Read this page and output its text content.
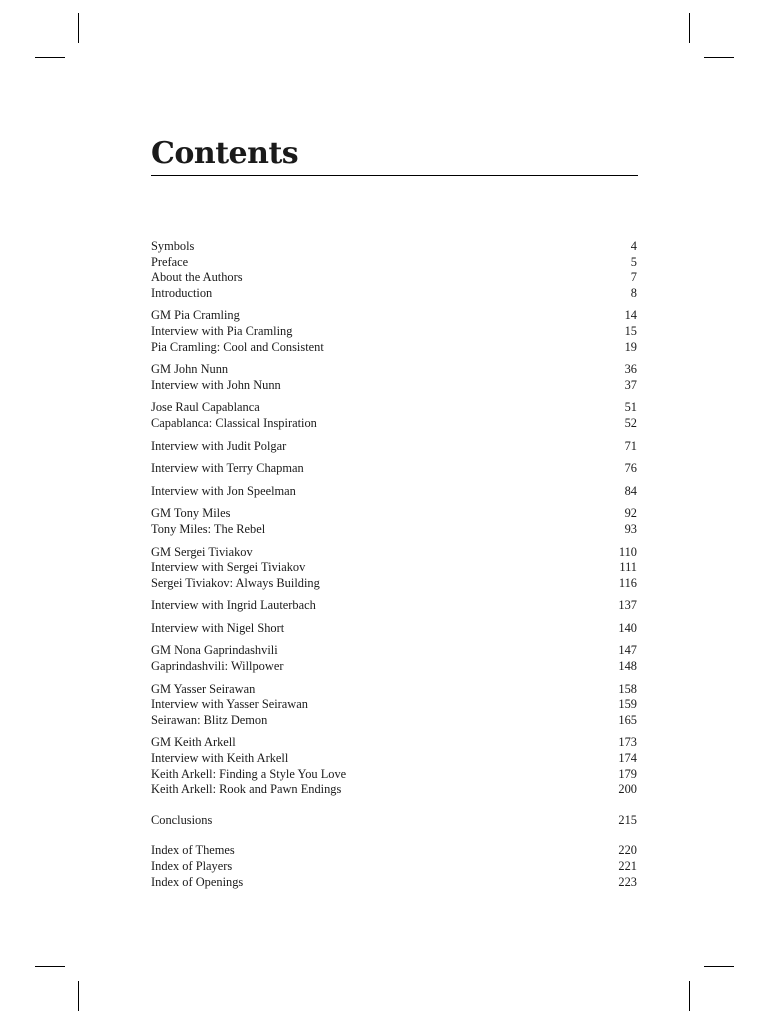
Contents
Symbols	4
Preface	5
About the Authors	7
Introduction	8
GM Pia Cramling	14
Interview with Pia Cramling	15
Pia Cramling: Cool and Consistent	19
GM John Nunn	36
Interview with John Nunn	37
Jose Raul Capablanca	51
Capablanca: Classical Inspiration	52
Interview with Judit Polgar	71
Interview with Terry Chapman	76
Interview with Jon Speelman	84
GM Tony Miles	92
Tony Miles: The Rebel	93
GM Sergei Tiviakov	110
Interview with Sergei Tiviakov	111
Sergei Tiviakov: Always Building	116
Interview with Ingrid Lauterbach	137
Interview with Nigel Short	140
GM Nona Gaprindashvili	147
Gaprindashvili: Willpower	148
GM Yasser Seirawan	158
Interview with Yasser Seirawan	159
Seirawan: Blitz Demon	165
GM Keith Arkell	173
Interview with Keith Arkell	174
Keith Arkell: Finding a Style You Love	179
Keith Arkell: Rook and Pawn Endings	200
Conclusions	215
Index of Themes	220
Index of Players	221
Index of Openings	223
